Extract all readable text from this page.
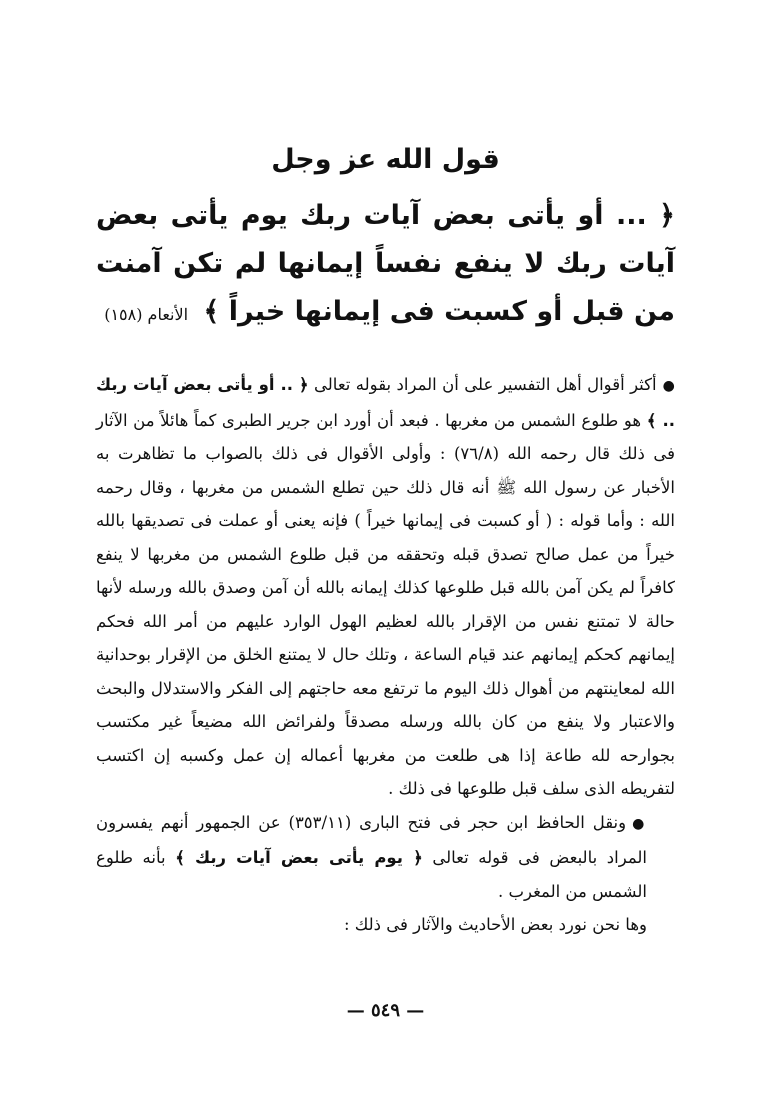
قول الله عز وجل
﴿ ... أو يأتى بعض آيات ربك يوم يأتى بعض آيات ربك لا ينفع نفساً إيمانها لم تكن آمنت من قبل أو كسبت فى إيمانها خيراً ﴾ الأنعام (١٥٨)

●أكثر أقوال أهل التفسير على أن المراد بقوله تعالى ﴿ .. أو يأتى بعض آيات ربك .. ﴾ هو طلوع الشمس من مغربها . فبعد أن أورد ابن جرير الطبرى كماً هائلاً من الآثار فى ذلك قال رحمه الله (٧٦/٨) : وأولى الأقوال فى ذلك بالصواب ما تظاهرت به الأخبار عن رسول الله ﷺ أنه قال ذلك حين تطلع الشمس من مغربها ، وقال رحمه الله : وأما قوله : ( أو كسبت فى إيمانها خيراً ) فإنه يعنى أو عملت فى تصديقها بالله خيراً من عمل صالح تصدق قبله وتحققه من قبل طلوع الشمس من مغربها لا ينفع كافراً لم يكن آمن بالله قبل طلوعها كذلك إيمانه بالله أن آمن وصدق بالله ورسله لأنها حالة لا تمتنع نفس من الإقرار بالله لعظيم الهول الوارد عليهم من أمر الله فحكم إيمانهم كحكم إيمانهم عند قيام الساعة ، وتلك حال لا يمتنع الخلق من الإقرار بوحدانية الله لمعاينتهم من أهوال ذلك اليوم ما ترتفع معه حاجتهم إلى الفكر والاستدلال والبحث والاعتبار ولا ينفع من كان بالله ورسله مصدقاً ولفرائض الله مضيعاً غير مكتسب بجوارحه لله طاعة إذا هى طلعت من مغربها أعماله إن عمل وكسبه إن اكتسب لتفريطه الذى سلف قبل طلوعها فى ذلك .

●ونقل الحافظ ابن حجر فى فتح البارى (٣٥٣/١١) عن الجمهور أنهم يفسرون المراد بالبعض فى قوله تعالى ﴿ يوم يأتى بعض آيات ربك ﴾ بأنه طلوع الشمس من المغرب .

وها نحن نورد بعض الأحاديث والآثار فى ذلك :

— ٥٤٩ —
